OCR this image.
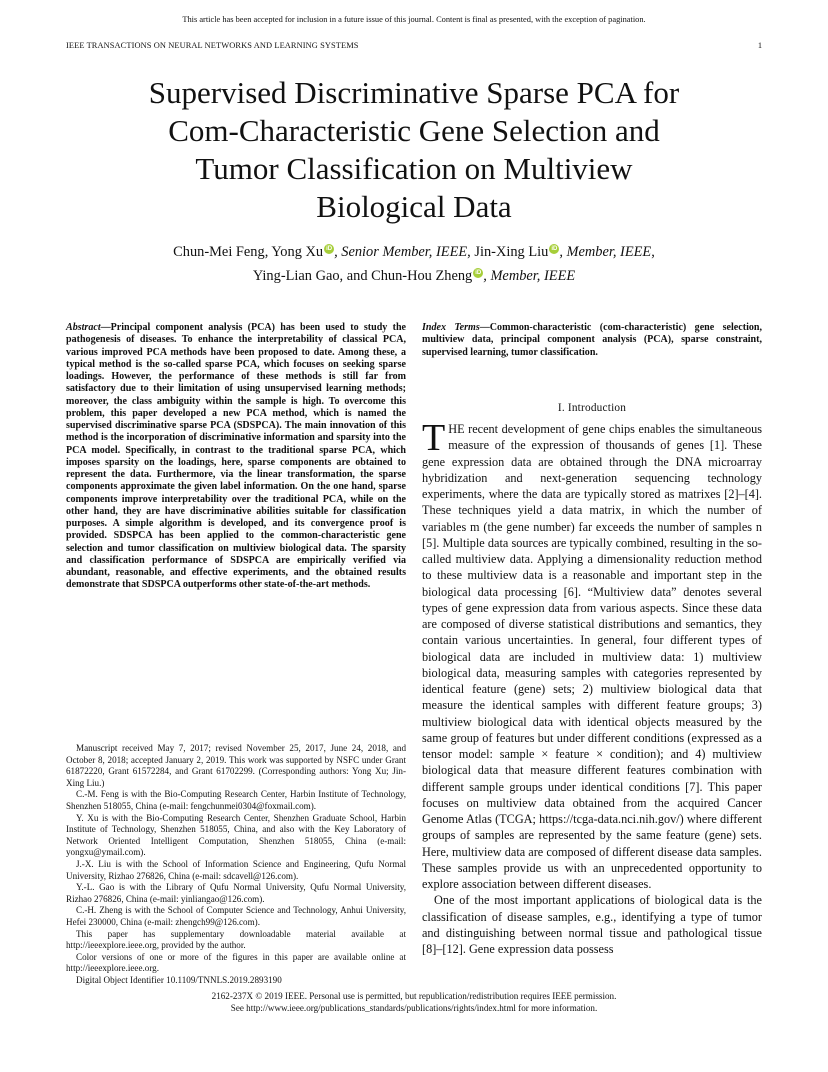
This article has been accepted for inclusion in a future issue of this journal. Content is final as presented, with the exception of pagination.
IEEE TRANSACTIONS ON NEURAL NETWORKS AND LEARNING SYSTEMS	1
Supervised Discriminative Sparse PCA for
Com-Characteristic Gene Selection and
Tumor Classification on Multiview
Biological Data
Chun-Mei Feng, Yong Xu iD , Senior Member, IEEE, Jin-Xing Liu iD , Member, IEEE,
Ying-Lian Gao, and Chun-Hou Zheng iD , Member, IEEE
Abstract—Principal component analysis (PCA) has been used to study the pathogenesis of diseases. To enhance the interpretability of classical PCA, various improved PCA methods have been proposed to date. Among these, a typical method is the so-called sparse PCA, which focuses on seeking sparse loadings. However, the performance of these methods is still far from satisfactory due to their limitation of using unsupervised learning methods; moreover, the class ambiguity within the sample is high. To overcome this problem, this paper developed a new PCA method, which is named the supervised discriminative sparse PCA (SDSPCA). The main innovation of this method is the incorporation of discriminative information and sparsity into the PCA model. Specifically, in contrast to the traditional sparse PCA, which imposes sparsity on the loadings, here, sparse components are obtained to represent the data. Furthermore, via the linear transformation, the sparse components approximate the given label information. On the one hand, sparse components improve interpretability over the traditional PCA, while on the other hand, they are have discriminative abilities suitable for classification purposes. A simple algorithm is developed, and its convergence proof is provided. SDSPCA has been applied to the common-characteristic gene selection and tumor classification on multiview biological data. The sparsity and classification performance of SDSPCA are empirically verified via abundant, reasonable, and effective experiments, and the obtained results demonstrate that SDSPCA outperforms other state-of-the-art methods.

Manuscript received May 7, 2017; revised November 25, 2017, June 24, 2018, and October 8, 2018; accepted January 2, 2019. This work was supported by NSFC under Grant 61872220, Grant 61572284, and Grant 61702299. (Corresponding authors: Yong Xu; Jin-Xing Liu.)

C.-M. Feng is with the Bio-Computing Research Center, Harbin Institute of Technology, Shenzhen 518055, China (e-mail: fengchunmei0304@foxmail.com).

Y. Xu is with the Bio-Computing Research Center, Shenzhen Graduate School, Harbin Institute of Technology, Shenzhen 518055, China, and also with the Key Laboratory of Network Oriented Intelligent Computation, Shenzhen 518055, China (e-mail: yongxu@ymail.com).

J.-X. Liu is with the School of Information Science and Engineering, Qufu Normal University, Rizhao 276826, China (e-mail: sdcavell@126.com).

Y.-L. Gao is with the Library of Qufu Normal University, Qufu Normal University, Rizhao 276826, China (e-mail: yinliangao@126.com).

C.-H. Zheng is with the School of Computer Science and Technology, Anhui University, Hefei 230000, China (e-mail: zhengch99@126.com).

This paper has supplementary downloadable material available at http://ieeexplore.ieee.org, provided by the author.

Color versions of one or more of the figures in this paper are available online at http://ieeexplore.ieee.org.

Digital Object Identifier 10.1109/TNNLS.2019.2893190

Index Terms—Common-characteristic (com-characteristic) gene selection, multiview data, principal component analysis (PCA), sparse constraint, supervised learning, tumor classification.
I. Introduction

THE recent development of gene chips enables the simultaneous measure of the expression of thousands of genes [1]. These gene expression data are obtained through the DNA microarray hybridization and next-generation sequencing technology experiments, where the data are typically stored as matrixes [2]–[4]. These techniques yield a data matrix, in which the number of variables m (the gene number) far exceeds the number of samples n [5]. Multiple data sources are typically combined, resulting in the so-called multiview data. Applying a dimensionality reduction method to these multiview data is a reasonable and important step in the biological data processing [6]. “Multiview data” denotes several types of gene expression data from various aspects. Since these data are composed of diverse statistical distributions and semantics, they contain various uncertainties. In general, four different types of biological data are included in multiview data: 1) multiview biological data, measuring samples with categories represented by identical feature (gene) sets; 2) multiview biological data that measure the identical samples with different feature groups; 3) multiview biological data with identical objects measured by the same group of features but under different conditions (expressed as a tensor model: sample × feature × condition); and 4) multiview biological data that measure different features combination with different sample groups under identical conditions [7]. This paper focuses on multiview data obtained from the acquired Cancer Genome Atlas (TCGA; https://tcga-data.nci.nih.gov/) where different groups of samples are represented by the same feature (gene) sets. Here, multiview data are composed of different disease data samples. These samples provide us with an unprecedented opportunity to explore association between different diseases.

One of the most important applications of biological data is the classification of disease samples, e.g., identifying a type of tumor and distinguishing between normal tissue and pathological tissue [8]–[12]. Gene expression data possess

2162-237X © 2019 IEEE. Personal use is permitted, but republication/redistribution requires IEEE permission.
See http://www.ieee.org/publications_standards/publications/rights/index.html for more information.
